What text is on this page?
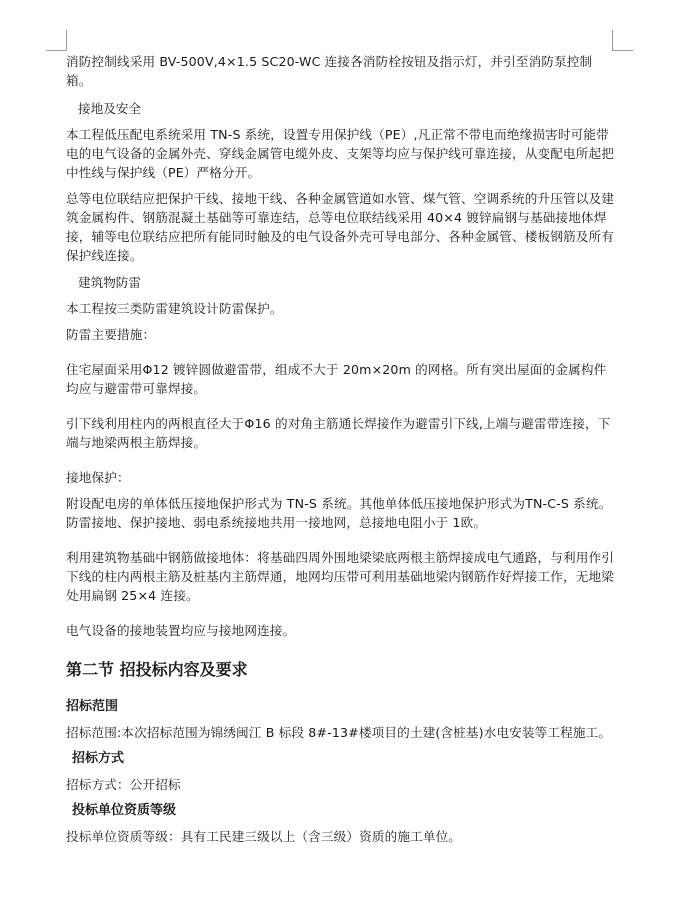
消防控制线采用 BV-500V,4×1.5 SC20-WC 连接各消防栓按钮及指示灯，并引至消防泵控制箱。

接地及安全

本工程低压配电系统采用 TN-S 系统，设置专用保护线（PE）,凡正常不带电而绝缘损害时可能带电的电气设备的金属外壳、穿线金属管电缆外皮、支架等均应与保护线可靠连接，从变配电所起把中性线与保护线（PE）严格分开。

总等电位联结应把保护干线、接地干线、各种金属管道如水管、煤气管、空调系统的升压管以及建筑金属构件、钢筋混凝土基础等可靠连结，总等电位联结线采用 40×4 镀锌扁钢与基础接地体焊接，辅等电位联结应把所有能同时触及的电气设备外壳可导电部分、各种金属管、楼板钢筋及所有保护线连接。

建筑物防雷

本工程按三类防雷建筑设计防雷保护。

防雷主要措施：

住宅屋面采用Φ12 镀锌圆做避雷带，组成不大于 20m×20m 的网格。所有突出屋面的金属构件均应与避雷带可靠焊接。

引下线利用柱内的两根直径大于Φ16 的对角主筋通长焊接作为避雷引下线,上端与避雷带连接，下端与地梁两根主筋焊接。

接地保护：

附设配电房的单体低压接地保护形式为 TN-S 系统。其他单体低压接地保护形式为TN-C-S 系统。防雷接地、保护接地、弱电系统接地共用一接地网，总接地电阻小于 1欧。

利用建筑物基础中钢筋做接地体：将基础四周外围地梁梁底两根主筋焊接成电气通路，与利用作引下线的柱内两根主筋及桩基内主筋焊通，地网均压带可利用基础地梁内钢筋作好焊接工作，无地梁处用扁钢 25×4 连接。

电气设备的接地装置均应与接地网连接。

第二节 招投标内容及要求

招标范围

招标范围:本次招标范围为锦绣闽江 B 标段 8#-13#楼项目的土建(含桩基)水电安装等工程施工。

招标方式

招标方式：公开招标

投标单位资质等级

投标单位资质等级：具有工民建三级以上（含三级）资质的施工单位。
